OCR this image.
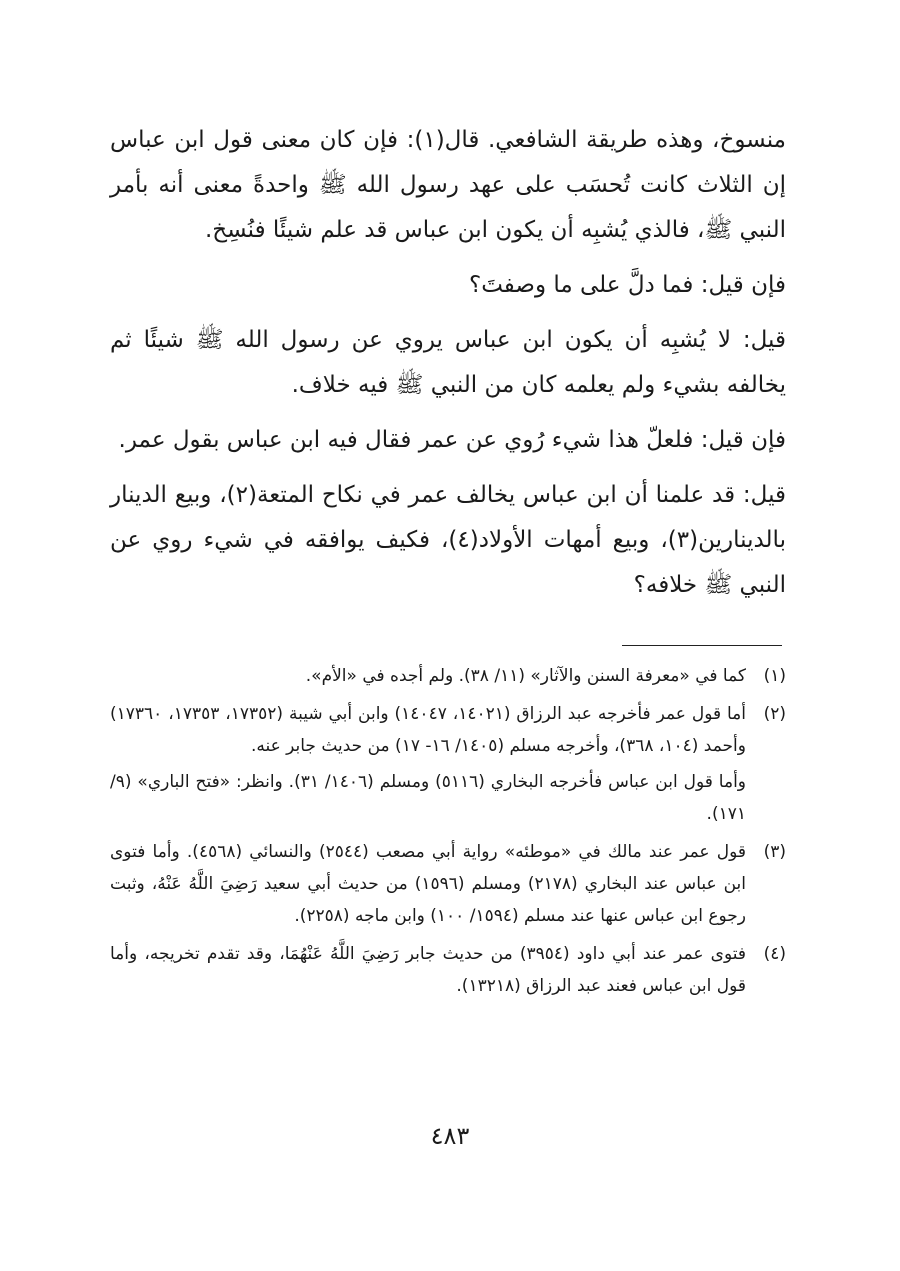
منسوخ، وهذه طريقة الشافعي. قال(١): فإن كان معنى قول ابن عباس إن الثلاث كانت تُحسَب على عهد رسول الله ﷺ واحدةً معنى أنه بأمر النبي ﷺ، فالذي يُشبِه أن يكون ابن عباس قد علم شيئًا فنُسِخ.

فإن قيل: فما دلَّ على ما وصفتَ؟

قيل: لا يُشبِه أن يكون ابن عباس يروي عن رسول الله ﷺ شيئًا ثم يخالفه بشيء ولم يعلمه كان من النبي ﷺ فيه خلاف.

فإن قيل: فلعلّ هذا شيء رُوي عن عمر فقال فيه ابن عباس بقول عمر.

قيل: قد علمنا أن ابن عباس يخالف عمر في نكاح المتعة(٢)، وبيع الدينار بالدينارين(٣)، وبيع أمهات الأولاد(٤)، فكيف يوافقه في شيء روي عن النبي ﷺ خلافه؟

(١)

كما في «معرفة السنن والآثار» (١١/ ٣٨). ولم أجده في «الأم».

(٢)

أما قول عمر فأخرجه عبد الرزاق (١٤٠٢١، ١٤٠٤٧) وابن أبي شيبة (١٧٣٥٢، ١٧٣٥٣، ١٧٣٦٠) وأحمد (١٠٤، ٣٦٨)، وأخرجه مسلم (١٤٠٥/ ١٦- ١٧) من حديث جابر عنه.

وأما قول ابن عباس فأخرجه البخاري (٥١١٦) ومسلم (١٤٠٦/ ٣١). وانظر: «فتح الباري» (٩/ ١٧١).

(٣)

قول عمر عند مالك في «موطئه» رواية أبي مصعب (٢٥٤٤) والنسائي (٤٥٦٨). وأما فتوى ابن عباس عند البخاري (٢١٧٨) ومسلم (١٥٩٦) من حديث أبي سعيد رَضِيَ اللَّهُ عَنْهُ، وثبت رجوع ابن عباس عنها عند مسلم (١٥٩٤/ ١٠٠) وابن ماجه (٢٢٥٨).

(٤)

فتوى عمر عند أبي داود (٣٩٥٤) من حديث جابر رَضِيَ اللَّهُ عَنْهُمَا، وقد تقدم تخريجه، وأما قول ابن عباس فعند عبد الرزاق (١٣٢١٨).

٤٨٣
